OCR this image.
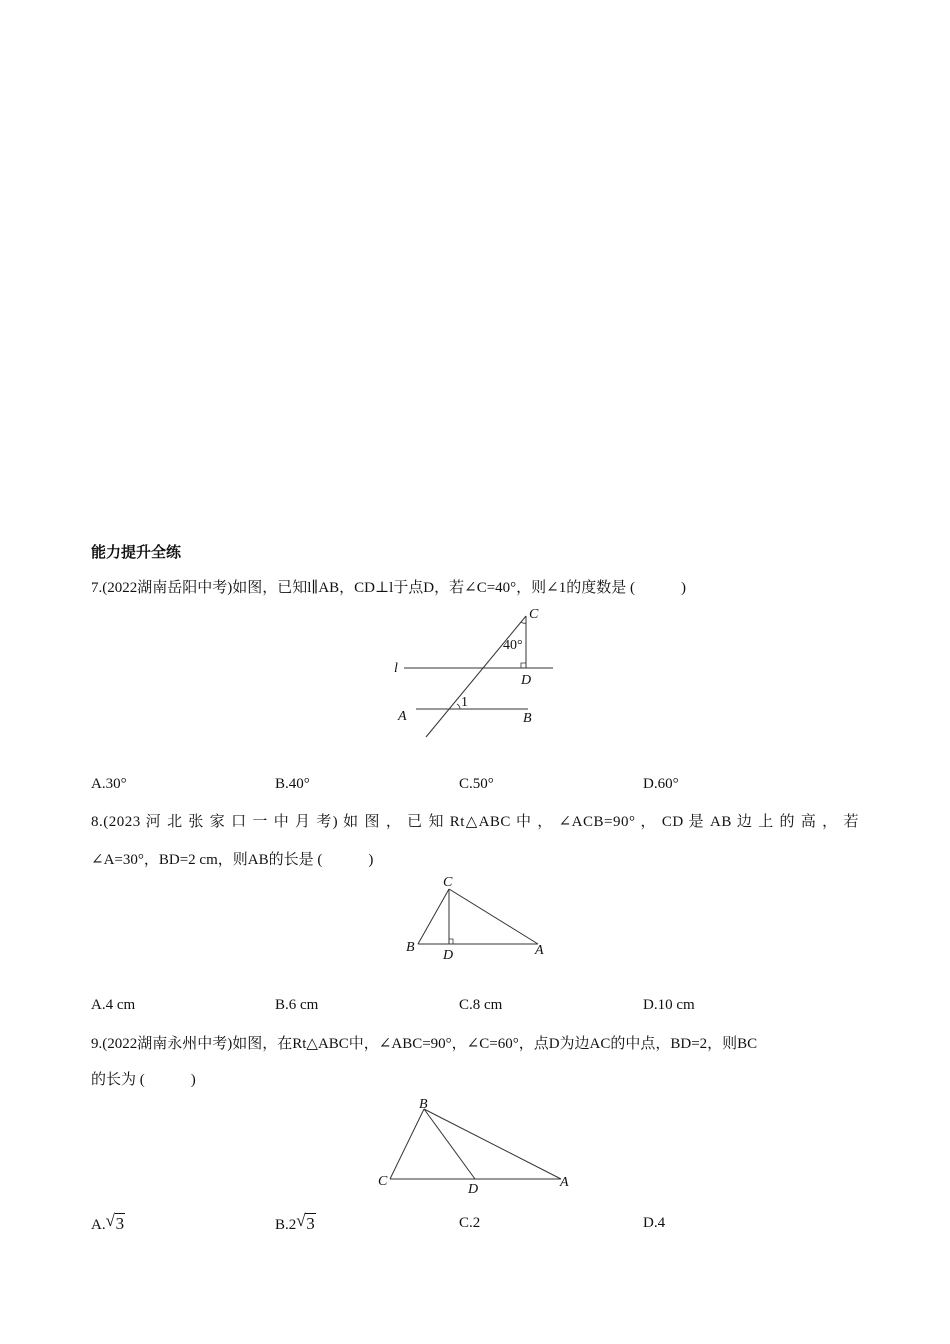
能力提升全练
7.(2022湖南岳阳中考)如图，已知l∥AB，CD⊥l于点D，若∠C=40°，则∠1的度数是 (	)
C
40°
l
D
A
1
B
A.30°	B.40°	C.50°	D.60°
8.(2023 河 北 张 家 口 一 中 月 考) 如 图 ， 已 知 Rt△ABC 中 ， ∠ACB=90° ， CD 是 AB 边 上 的 高 ， 若
∠A=30°，BD=2 cm，则AB的长是 (	)
C
B
D	A
A.4 cm	B.6 cm	C.8 cm	D.10 cm
9.(2022湖南永州中考)如图，在Rt△ABC中，∠ABC=90°，∠C=60°，点D为边AC的中点，BD=2，则BC
的长为 (	)
B
C
D	A
A. √ 3	B.2 √ 3	C.2	D.4
